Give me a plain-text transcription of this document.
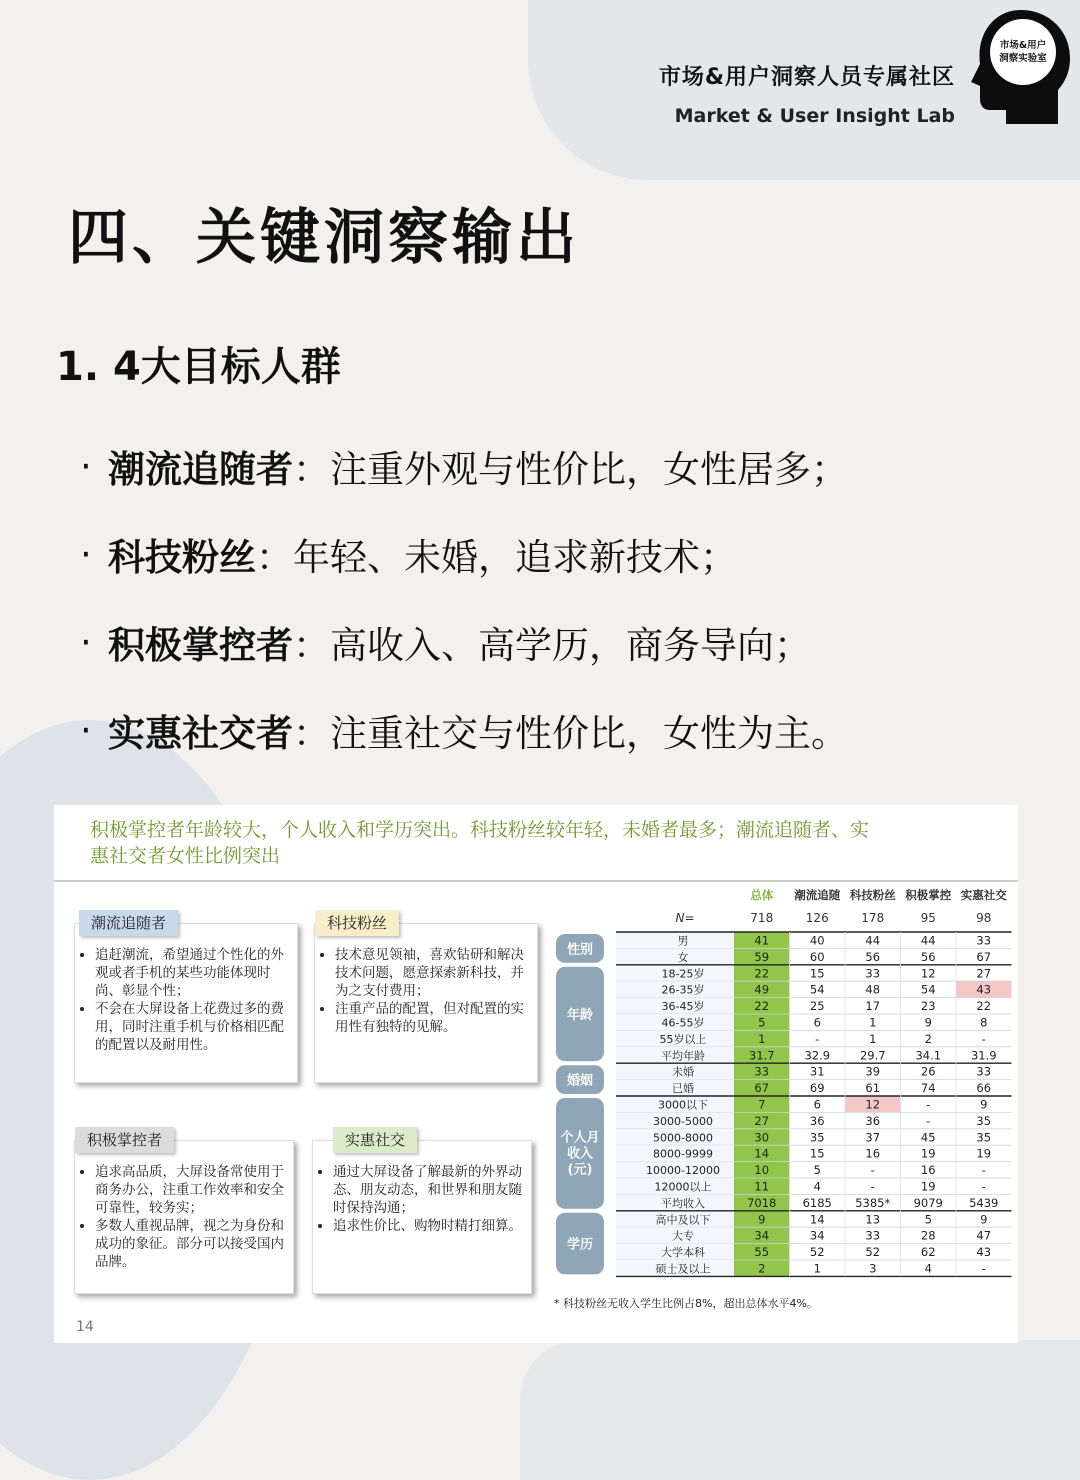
市场&用户洞察人员专属社区
Market & User Insight Lab
市场&用户
洞察实验室
四、关键洞察输出
1. 4大目标人群
· 潮流追随者 ：注重外观与性价比，女性居多；
· 科技粉丝 ：年轻、未婚，追求新技术；
· 积极掌控者 ：高收入、高学历，商务导向；
· 实惠社交者 ：注重社交与性价比，女性为主。
积极掌控者年龄较大，个人收入和学历突出。科技粉丝较年轻，未婚者最多；潮流追随者、实
惠社交者女性比例突出
潮流追随者
• 追赶潮流，希望通过个性化的外观或者手机的某些功能体现时尚、彰显个性；
• 不会在大屏设备上花费过多的费用，同时注重手机与价格相匹配的配置以及耐用性。
科技粉丝
• 技术意见领袖，喜欢钻研和解决技术问题，愿意探索新科技，并为之支付费用；
• 注重产品的配置，但对配置的实用性有独特的见解。
积极掌控者
• 追求高品质，大屏设备常使用于商务办公，注重工作效率和安全可靠性，较务实；
• 多数人重视品牌，视之为身份和成功的象征。部分可以接受国内品牌。
实惠社交
• 通过大屏设备了解最新的外界动态、朋友动态，和世界和朋友随时保持沟通；
• 追求性价比、购物时精打细算。
总体 潮流追随 科技粉丝 积极掌控 实惠社交
N=	718	126	178	95	98
性别
男	41	40	44	44	33
女	59	60	56	56	67
年龄
18-25岁	22	15	33	12	27
26-35岁	49	54	48	54	43
36-45岁	22	25	17	23	22
46-55岁	5	6	1	9	8
55岁以上	1	-	1	2	-
平均年龄	31.7	32.9	29.7	34.1	31.9
婚姻
未婚	33	31	39	26	33
已婚	67	69	61	74	66
个人月
收入
(元)
3000以下	7	6	12	-	9
3000-5000	27	36	36	-	35
5000-8000	30	35	37	45	35
8000-9999	14	15	16	19	19
10000-12000	10	5	-	16	-
12000以上	11	4	-	19	-
平均收入	7018 6185 5385* 9079 5439
学历
高中及以下	9	14	13	5	9
大专	34	34	33	28	47
大学本科	55	52	52	62	43
硕士及以上	2	1	3	4	-
* 科技粉丝无收入学生比例占8%，超出总体水平4%。
14
